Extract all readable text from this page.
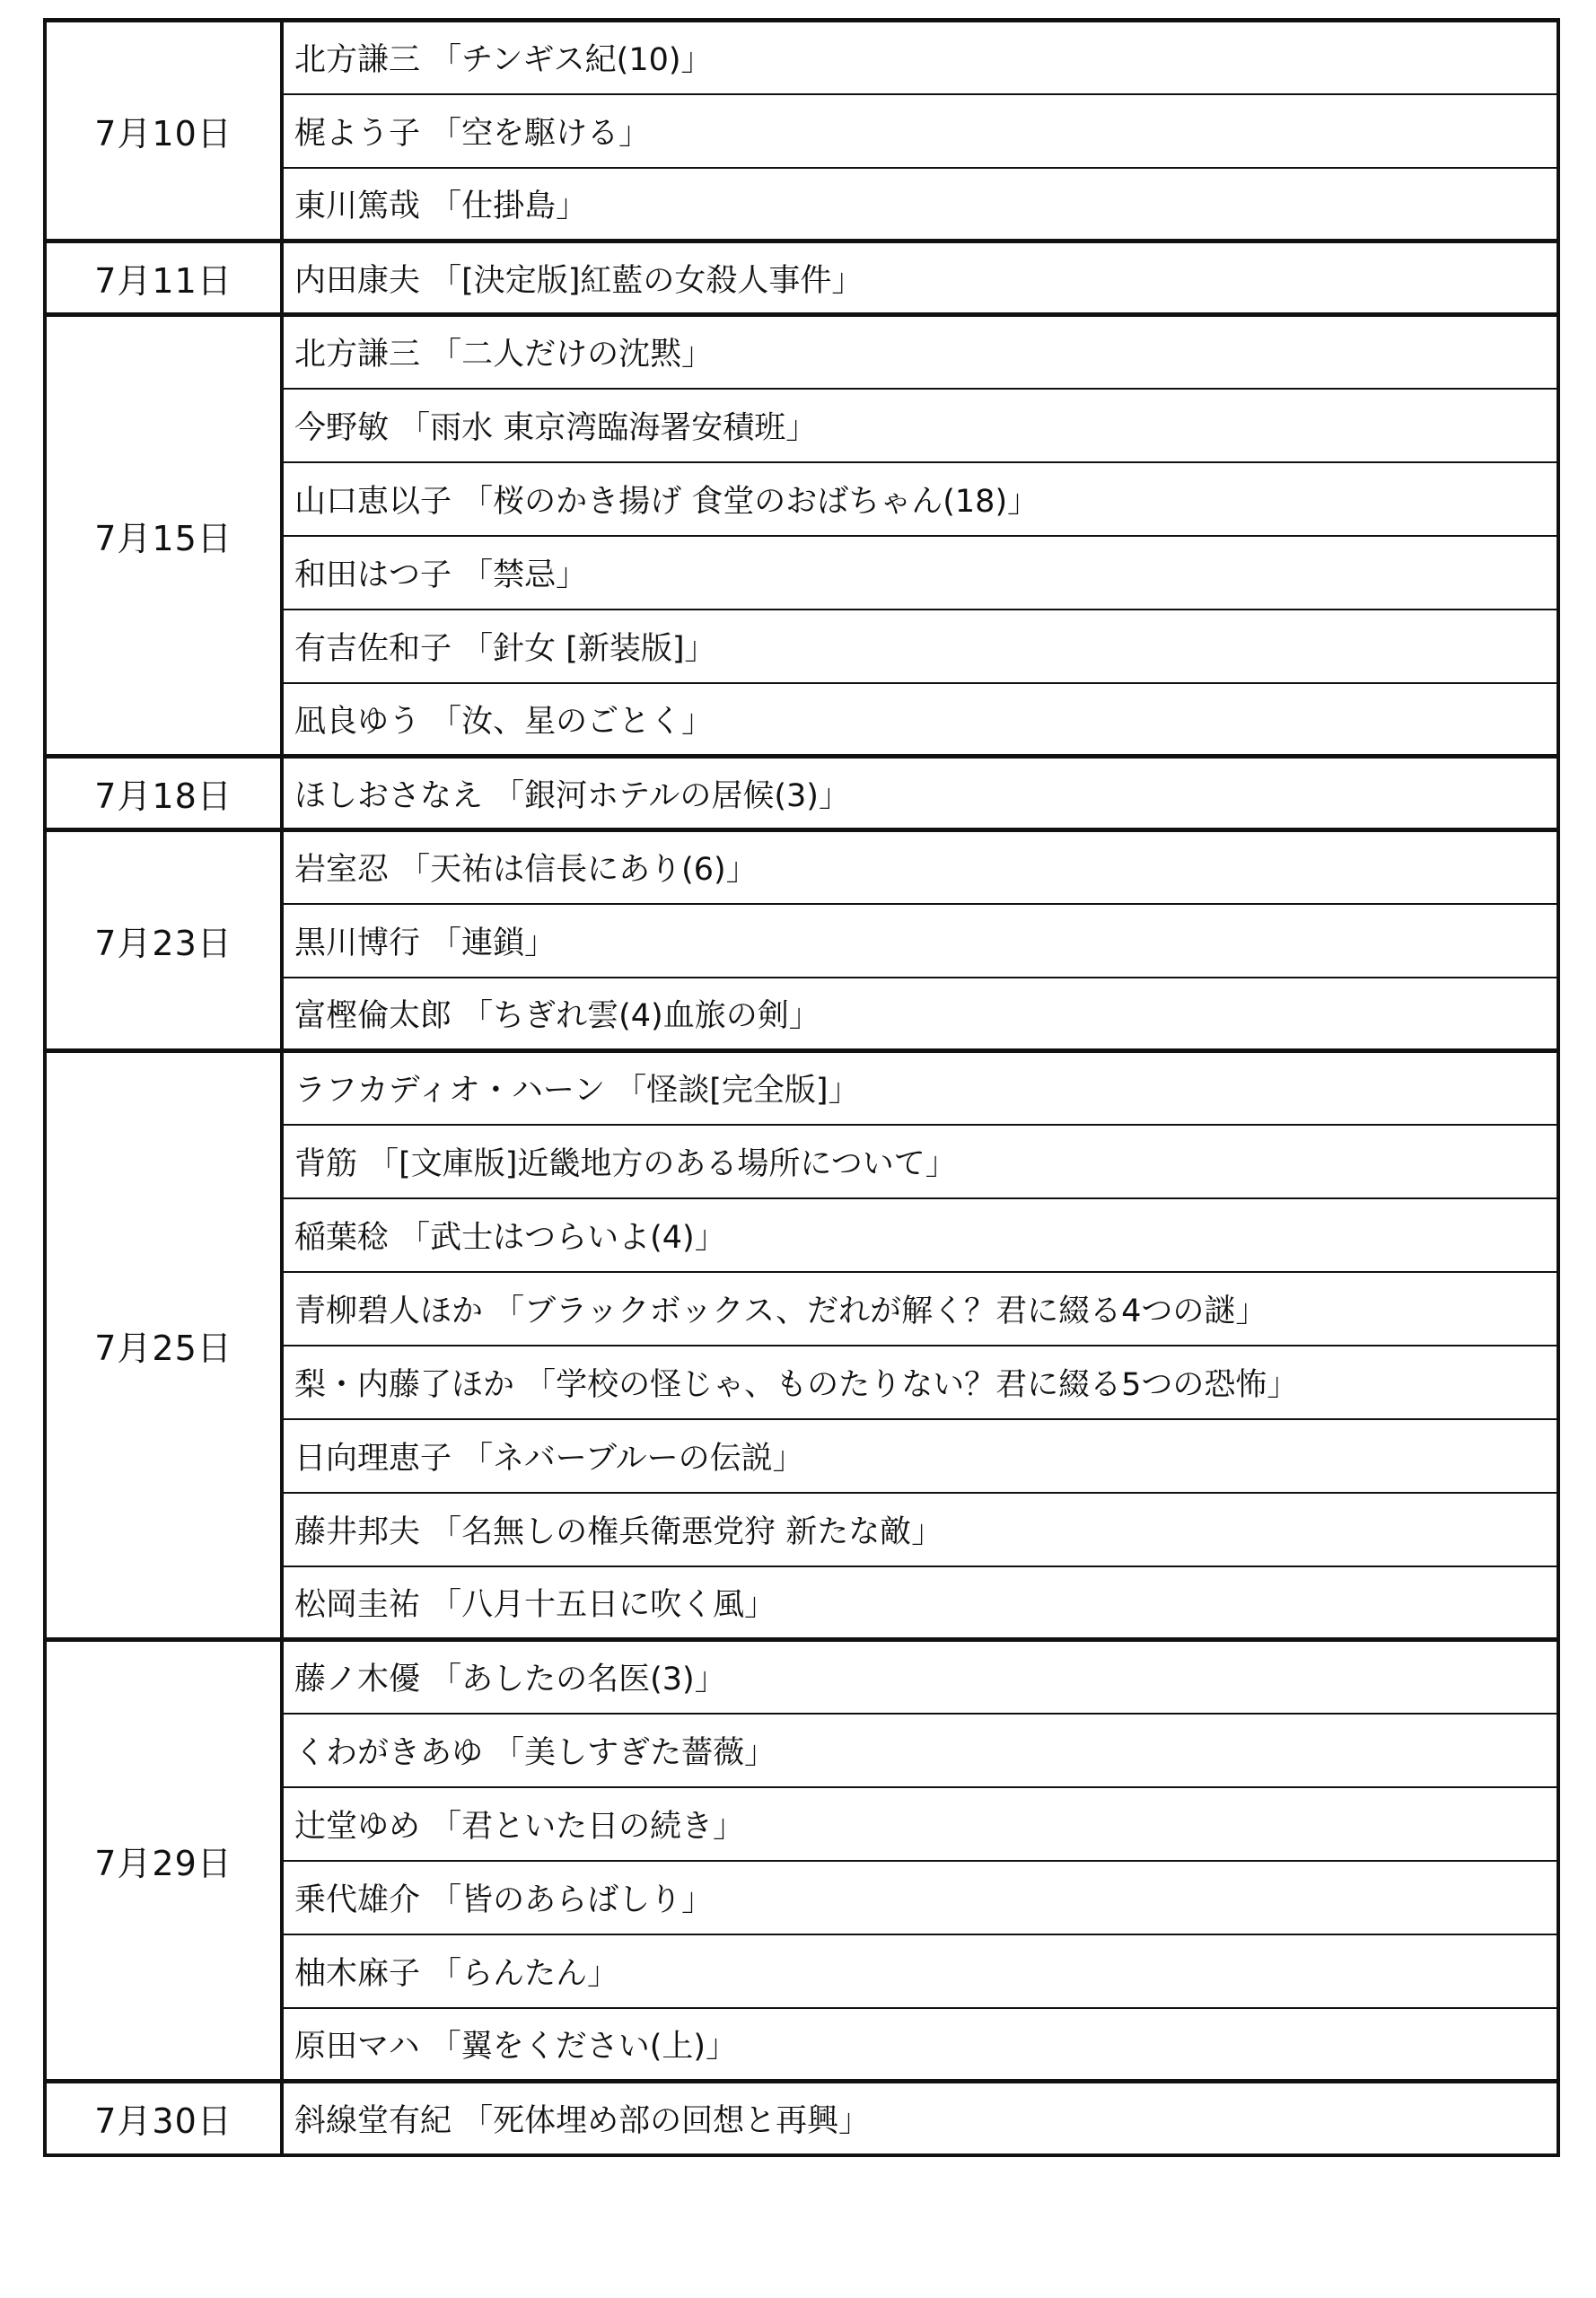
7月10日	北方謙三 「チンギス紀(10)」
	梶よう子 「空を駆ける」
	東川篤哉 「仕掛島」
7月11日	内田康夫 「[決定版]紅藍の女殺人事件」
7月15日	北方謙三 「二人だけの沈黙」
	今野敏 「雨水 東京湾臨海署安積班」
	山口恵以子 「桜のかき揚げ 食堂のおばちゃん(18)」
	和田はつ子 「禁忌」
	有吉佐和子 「針女 [新装版]」
	凪良ゆう 「汝、星のごとく」
7月18日	ほしおさなえ 「銀河ホテルの居候(3)」
7月23日	岩室忍 「天祐は信長にあり(6)」
	黒川博行 「連鎖」
	富樫倫太郎 「ちぎれ雲(4)血旅の剣」
7月25日	ラフカディオ・ハーン 「怪談[完全版]」
	背筋 「[文庫版]近畿地方のある場所について」
	稲葉稔 「武士はつらいよ(4)」
	青柳碧人ほか 「ブラックボックス、だれが解く？君に綴る4つの謎」
	梨・内藤了ほか 「学校の怪じゃ、ものたりない？君に綴る5つの恐怖」
	日向理恵子 「ネバーブルーの伝説」
	藤井邦夫 「名無しの権兵衛悪党狩 新たな敵」
	松岡圭祐 「八月十五日に吹く風」
7月29日	藤ノ木優 「あしたの名医(3)」
	くわがきあゆ 「美しすぎた薔薇」
	辻堂ゆめ 「君といた日の続き」
	乗代雄介 「皆のあらばしり」
	柚木麻子 「らんたん」
	原田マハ 「翼をください(上)」
7月30日	斜線堂有紀 「死体埋め部の回想と再興」
